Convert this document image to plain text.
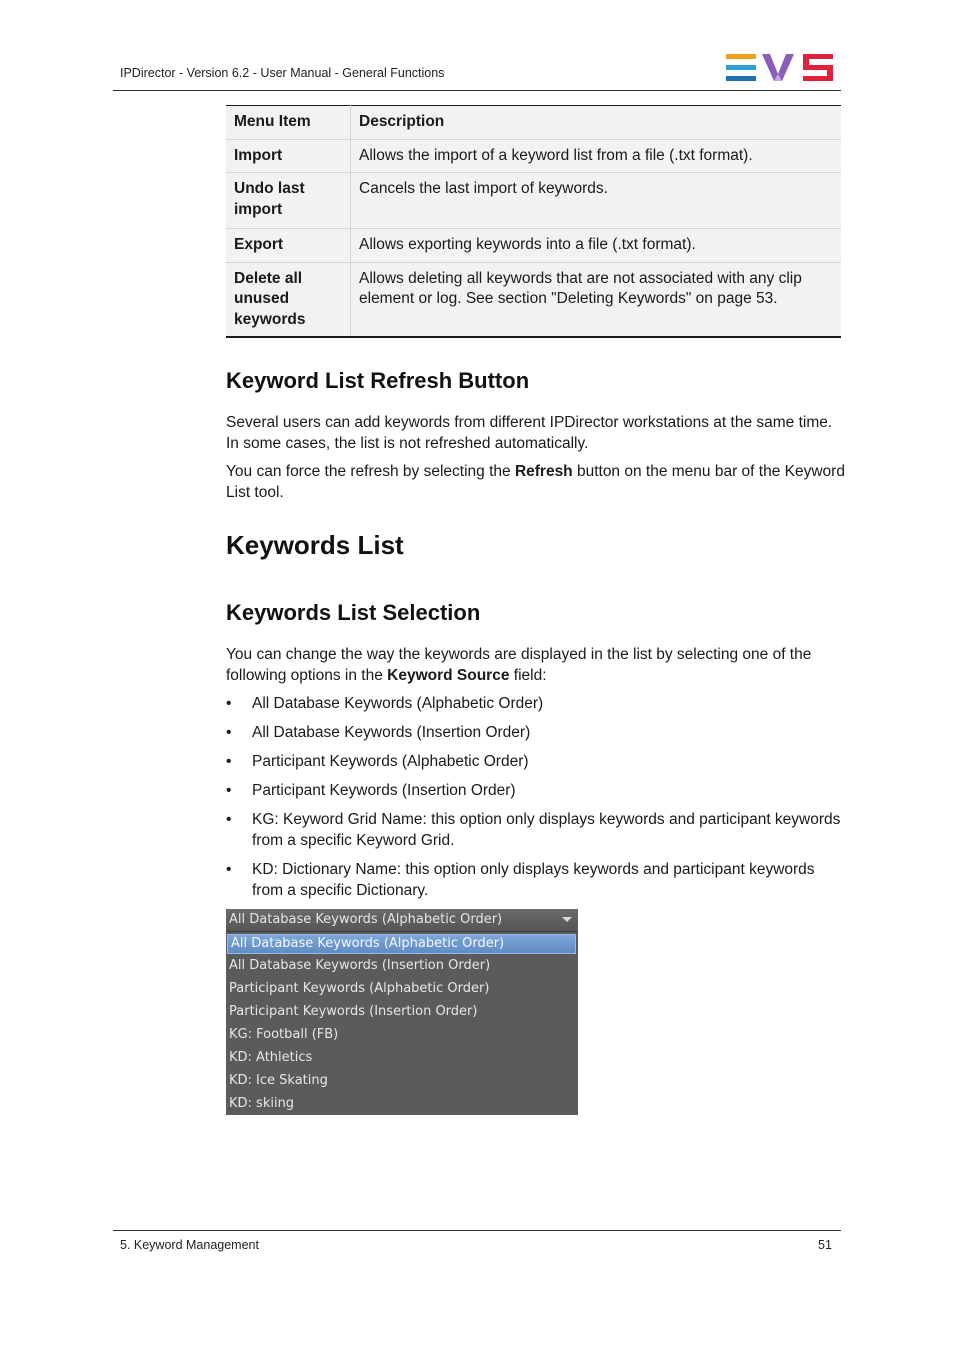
IPDirector - Version 6.2 - User Manual - General Functions
Menu Item	Description
Import	Allows the import of a keyword list from a file (.txt format).
Undo last import	Cancels the last import of keywords.
Export	Allows exporting keywords into a file (.txt format).
Delete all unused keywords	Allows deleting all keywords that are not associated with any clip element or log. See section "Deleting Keywords" on page 53.
Keyword List Refresh Button

Several users can add keywords from different IPDirector workstations at the same time. In some cases, the list is not refreshed automatically.

You can force the refresh by selecting the Refresh button on the menu bar of the Keyword List tool.

Keywords List
Keywords List Selection

You can change the way the keywords are displayed in the list by selecting one of the following options in the Keyword Source field:

• All Database Keywords (Alphabetic Order)
• All Database Keywords (Insertion Order)
• Participant Keywords (Alphabetic Order)
• Participant Keywords (Insertion Order)
• KG: Keyword Grid Name: this option only displays keywords and participant keywords from a specific Keyword Grid.
• KD: Dictionary Name: this option only displays keywords and participant keywords from a specific Dictionary.
All Database Keywords (Alphabetic Order)
All Database Keywords (Alphabetic Order)
All Database Keywords (Insertion Order)
Participant Keywords (Alphabetic Order)
Participant Keywords (Insertion Order)
KG: Football (FB)
KD: Athletics
KD: Ice Skating
KD: skiing
5. Keyword Management	51
